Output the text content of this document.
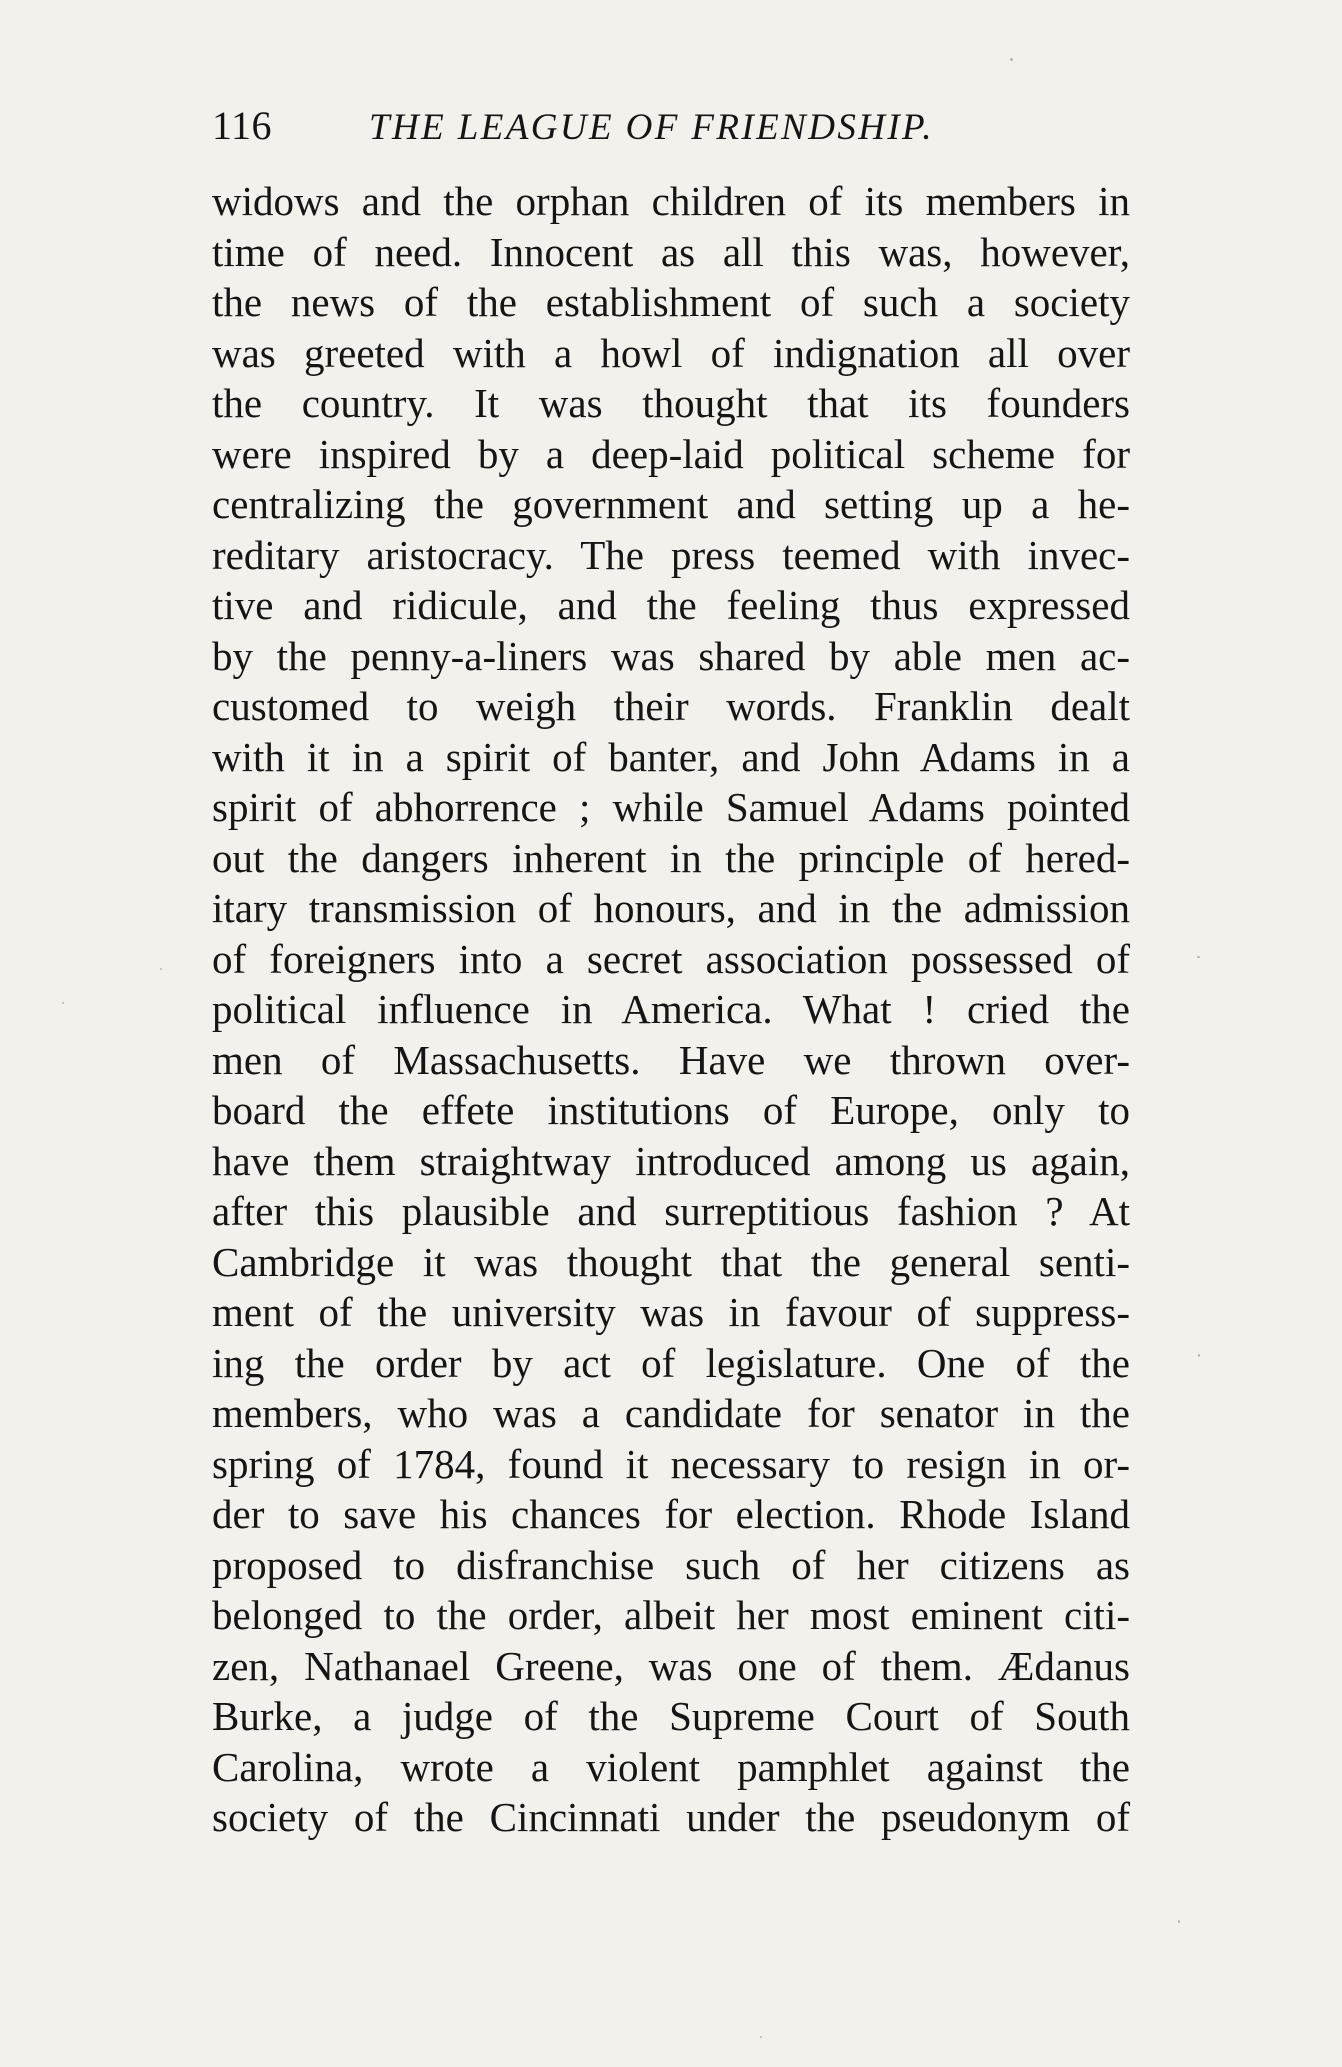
116	THE LEAGUE OF FRIENDSHIP.
widows and the orphan children of its members in
time of need. Innocent as all this was, however,
the news of the establishment of such a society
was greeted with a howl of indignation all over
the country. It was thought that its founders
were inspired by a deep-laid political scheme for
centralizing the government and setting up a he-
reditary aristocracy. The press teemed with invec-
tive and ridicule, and the feeling thus expressed
by the penny-a-liners was shared by able men ac-
customed to weigh their words. Franklin dealt
with it in a spirit of banter, and John Adams in a
spirit of abhorrence ; while Samuel Adams pointed
out the dangers inherent in the principle of hered-
itary transmission of honours, and in the admission
of foreigners into a secret association possessed of
political influence in America. What ! cried the
men of Massachusetts. Have we thrown over-
board the effete institutions of Europe, only to
have them straightway introduced among us again,
after this plausible and surreptitious fashion ? At
Cambridge it was thought that the general senti-
ment of the university was in favour of suppress-
ing the order by act of legislature. One of the
members, who was a candidate for senator in the
spring of 1784, found it necessary to resign in or-
der to save his chances for election. Rhode Island
proposed to disfranchise such of her citizens as
belonged to the order, albeit her most eminent citi-
zen, Nathanael Greene, was one of them. Ædanus
Burke, a judge of the Supreme Court of South
Carolina, wrote a violent pamphlet against the
society of the Cincinnati under the pseudonym of
